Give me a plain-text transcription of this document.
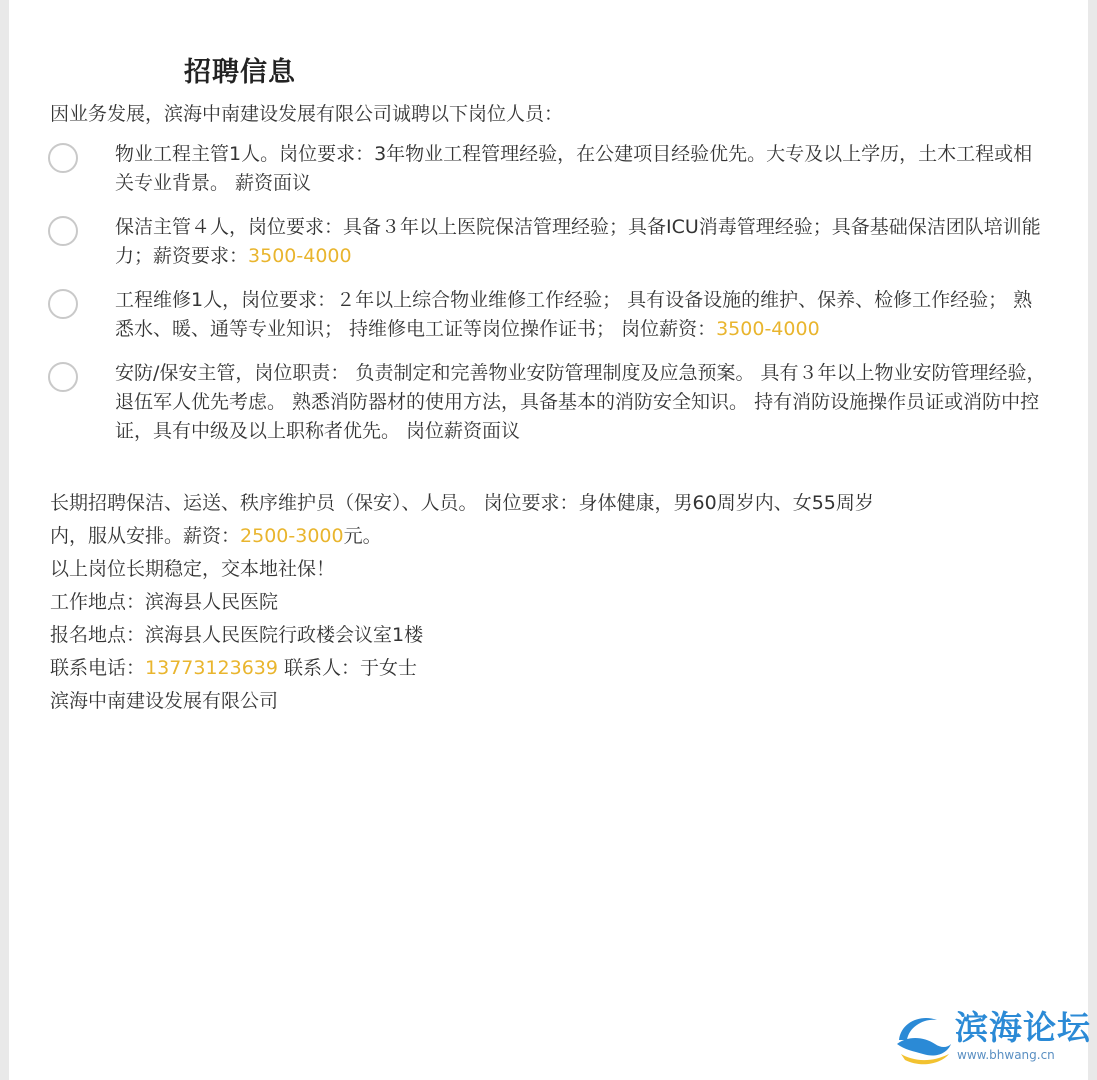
招聘信息
因业务发展，滨海中南建设发展有限公司诚聘以下岗位人员：
物业工程主管1人。岗位要求：3年物业工程管理经验，在公建项目经验优先。大专及以上学历，土木工程或相关专业背景。 薪资面议
保洁主管４人，岗位要求：具备３年以上医院保洁管理经验；具备ICU消毒管理经验；具备基础保洁团队培训能力；薪资要求：3500-4000
工程维修1人，岗位要求：２年以上综合物业维修工作经验； 具有设备设施的维护、保养、检修工作经验； 熟悉水、暖、通等专业知识； 持维修电工证等岗位操作证书； 岗位薪资：3500-4000
安防/保安主管，岗位职责： 负责制定和完善物业安防管理制度及应急预案。 具有３年以上物业安防管理经验，退伍军人优先考虑。 熟悉消防器材的使用方法，具备基本的消防安全知识。 持有消防设施操作员证或消防中控证，具有中级及以上职称者优先。 岗位薪资面议
长期招聘保洁、运送、秩序维护员（保安）、人员。 岗位要求：身体健康，男60周岁内、女55周岁
内，服从安排。薪资：2500-3000元。
以上岗位长期稳定，交本地社保！
工作地点：滨海县人民医院
报名地点：滨海县人民医院行政楼会议室1楼
联系电话：13773123639 联系人：于女士
滨海中南建设发展有限公司
滨海论坛
www.bhwang.cn
